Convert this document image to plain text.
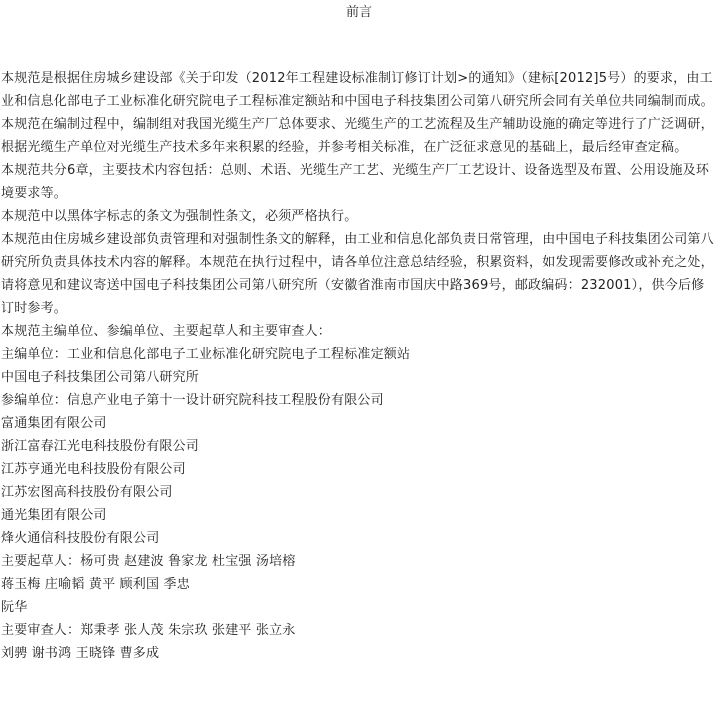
前言

本规范是根据住房城乡建设部《关于印发（2012年工程建设标准制订修订计划>的通知》（建标[2012]5号）的要求，由工业和信息化部电子工业标准化研究院电子工程标准定额站和中国电子科技集团公司第八研究所会同有关单位共同编制而成。

本规范在编制过程中，编制组对我国光缆生产厂总体要求、光缆生产的工艺流程及生产辅助设施的确定等进行了广泛调研，根据光缆生产单位对光缆生产技术多年来积累的经验，并参考相关标准，在广泛征求意见的基础上，最后经审查定稿。

本规范共分6章，主要技术内容包括：总则、术语、光缆生产工艺、光缆生产厂工艺设计、设备选型及布置、公用设施及环境要求等。

本规范中以黑体字标志的条文为强制性条文，必须严格执行。

本规范由住房城乡建设部负责管理和对强制性条文的解释，由工业和信息化部负责日常管理，由中国电子科技集团公司第八研究所负责具体技术内容的解释。本规范在执行过程中，请各单位注意总结经验，积累资料，如发现需要修改或补充之处，请将意见和建议寄送中国电子科技集团公司第八研究所（安徽省淮南市国庆中路369号，邮政编码：232001），供今后修订时参考。

本规范主编单位、参编单位、主要起草人和主要审查人：

主编单位：工业和信息化部电子工业标准化研究院电子工程标准定额站

中国电子科技集团公司第八研究所

参编单位：信息产业电子第十一设计研究院科技工程股份有限公司

富通集团有限公司

浙江富春江光电科技股份有限公司

江苏亨通光电科技股份有限公司

江苏宏图高科技股份有限公司

通光集团有限公司

烽火通信科技股份有限公司

主要起草人：杨可贵 赵建波 鲁家龙 杜宝强 汤培榕

蒋玉梅 庄喻韬 黄平 顾利国 季忠

阮华

主要审查人：郑秉孝 张人茂 朱宗玖 张建平 张立永

刘骋 谢书鸿 王晓锋 曹多成
